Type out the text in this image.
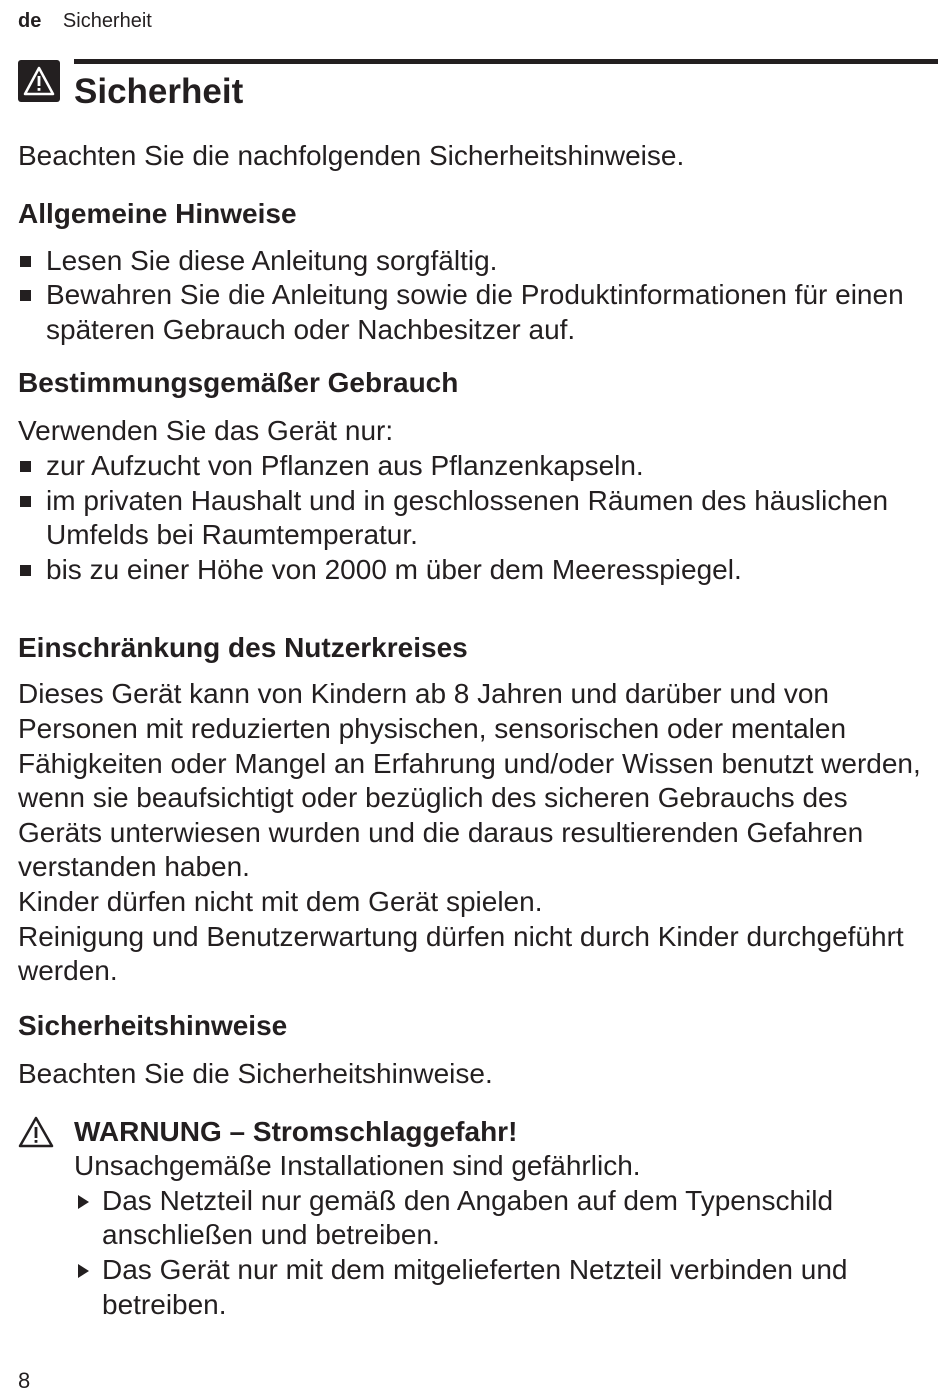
de Sicherheit
Sicherheit

Beachten Sie die nachfolgenden Sicherheitshinweise.

Allgemeine Hinweise
Lesen Sie diese Anleitung sorgfältig.
Bewahren Sie die Anleitung sowie die Produktinformationen für einen späteren Gebrauch oder Nachbesitzer auf.
Bestimmungsgemäßer Gebrauch

Verwenden Sie das Gerät nur:

zur Aufzucht von Pflanzen aus Pflanzenkapseln.
im privaten Haushalt und in geschlossenen Räumen des häuslichen Umfelds bei Raumtemperatur.
bis zu einer Höhe von 2000 m über dem Meeresspiegel.
Einschränkung des Nutzerkreises

Dieses Gerät kann von Kindern ab 8 Jahren und darüber und von Personen mit reduzierten physischen, sensorischen oder mentalen Fähigkeiten oder Mangel an Erfahrung und/oder Wissen benutzt werden, wenn sie beaufsichtigt oder bezüglich des sicheren Gebrauchs des Geräts unterwiesen wurden und die daraus resultierenden Gefahren verstanden haben.

Kinder dürfen nicht mit dem Gerät spielen.

Reinigung und Benutzerwartung dürfen nicht durch Kinder durchgeführt werden.

Sicherheitshinweise

Beachten Sie die Sicherheitshinweise.

WARNUNG – Stromschlaggefahr!

Unsachgemäße Installationen sind gefährlich.

Das Netzteil nur gemäß den Angaben auf dem Typenschild anschließen und betreiben.
Das Gerät nur mit dem mitgelieferten Netzteil verbinden und betreiben.
8
